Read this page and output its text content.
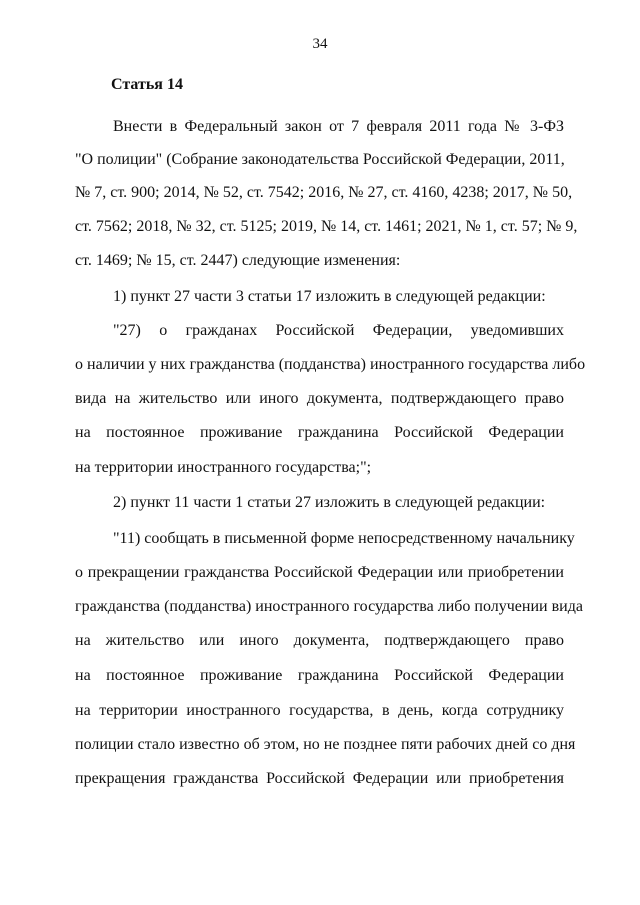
34
Статья 14
Внести в Федеральный закон от 7 февраля 2011 года № 3-ФЗ
"О полиции" (Собрание законодательства Российской Федерации, 2011,
№ 7, ст. 900; 2014, № 52, ст. 7542; 2016, № 27, ст. 4160, 4238; 2017, № 50,
ст. 7562; 2018, № 32, ст. 5125; 2019, № 14, ст. 1461; 2021, № 1, ст. 57; № 9,
ст. 1469; № 15, ст. 2447) следующие изменения:
1) пункт 27 части 3 статьи 17 изложить в следующей редакции:
"27) о гражданах Российской Федерации, уведомивших
о наличии у них гражданства (подданства) иностранного государства либо
вида на жительство или иного документа, подтверждающего право
на постоянное проживание гражданина Российской Федерации
на территории иностранного государства;";
2) пункт 11 части 1 статьи 27 изложить в следующей редакции:
"11) сообщать в письменной форме непосредственному начальнику
о прекращении гражданства Российской Федерации или приобретении
гражданства (подданства) иностранного государства либо получении вида
на жительство или иного документа, подтверждающего право
на постоянное проживание гражданина Российской Федерации
на территории иностранного государства, в день, когда сотруднику
полиции стало известно об этом, но не позднее пяти рабочих дней со дня
прекращения гражданства Российской Федерации или приобретения
